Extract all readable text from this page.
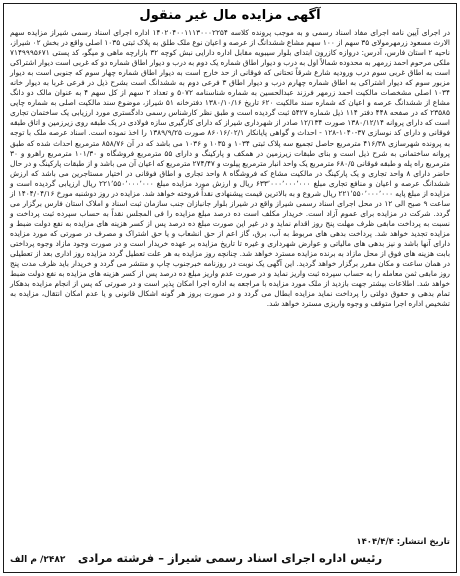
آگهی مزایده مال غیر منقول
در اجرای آیین نامه اجرای مفاد اسناد رسمی و به موجب پرونده کلاسه ۱۴۰۲۰۴۰۰۱۱۱۳۰۰۰۲۲۵۴ اداره اجرای اسناد رسمی شیراز مزایده سهم الارث مسعود زرمهرمولای ۳۵ سهم از ۱۰۰ سهم مشاع ششدانگ از عرصه و اعیان نوع ملک طلق به پلاک ثبتی ۱۰۳۵ اصلی واقع در بخش ۰۲ شیراز، ناحیه ۲ استان فارس، آدرس: دروازه کازرون ابتدای بلوار سیبویه مقابل اداره دارایی نبش کوچه ۳۲ بازارچه ماهی و میگو، کد پستی ۷۱۴۹۹۹۵۶۷۱ ملکی مرحوم احمد زرمهر به محدوده شمالاً اول به درب و دیوار اطاق شماره یک دوم به درب و دیوار اطاق شماره دو که غربی است دیوار اشتراکی است به اطاق غربی سوم درب ورودیه شارع شرقاً تحتانی که فوقانی از حد خارج است به دیوار اطاق شماره چهار سوم که جنوبی است به دیوار مزبور سوم که دیوار اشتراکی به اطاق شماره چهارم درب و دیوار اطاق ۳ فرعی دوم به ششدانگ است بشرح ذیل در فرعی غربا به دیوار خانه ۱۰۳۴ اصلی مشخصات مالکیت احمد زرمهر فرزند عبدالحسین به شماره شناسنامه ۵۰۷۲ و تعداد ۲ سهم از کل سهم ۴ به عنوان مالک دو دانگ مشاع از ششدانگ عرصه و اعیان که شماره سند مالکیت ۶۲۰ تاریخ ۱۳۸۰/۱۰/۱۶ دفترخانه ۵۱ شیراز، موضوع سند مالکیت اصلی به شماره چاپی ۲۳۵۸۵ که در صفحه ۴۴۸ دفتر ۱۱۴ ذیل شماره ۵۴۲۷ ثبت گردیده است و طبق نظر کارشناس رسمی دادگستری مورد ارزیابی یک ساختمان تجاری است که دارای پروانه ۱۳۸۰/۱۲/۱۴ صورت ۱۲/۱۳۴ صادر از شهرداری شیراز که دارای کارگیری سازه فولادی در یک طبقه روی زیرزمین و اتاق طبقه فوقانی و دارای کد نوسازی ۳۷-۱۰۴۰-۱۲۸ - احداث و گواهی پایانکار ۸۶۰۱۶/۰۲/۱ صورت ۱۳۸۹/۹/۲۵ را اخذ نموده است. اسناد عرصه ملک با توجه به پرونده شهرسازی ۴۱۶/۳۸ مترمربع حاصل تجمیع سه پلاک ثبتی ۱۰۳۴ و ۱۰۳۵ و ۱۰۳۶ می باشد که در آن ۸۵۸/۷۶ مترمربع احداث شده که طبق پروانه ساختمانی به شرح ذیل است و بنای طبقات زیرزمین در همکف و پارکینگ و دارای ۵۵ مترمربع فروشگاه و ۱۰۱/۳۰ مترمربع راهرو و ۳۰ مترمربع راه پله و طبقه فوقانی ۶۸۰/۵ مترمربع یک واحد انبار مترمربع پیلوت و ۲۷۴/۴۷ مترمربع که اعیان آن می باشد و از طبقات پارکینگ و در حال حاضر دارای ۸ واحد تجاری و یک پارکینگ در مالکیت مشاع که فروشگاه ۸ واحد تجاری و اطاق فوقانی در اختیار مستاجرین می باشد که ارزش ششدانگ عرصه و اعیان و منافع تجاری مبلغ ۶۳۳٬۰۰۰٬۰۰۰٬۰۰۰ ریال و ارزش مورد مزایده مبلغ ۲۲۱٬۵۵۰٬۰۰۰٬۰۰۰ ریال ارزیابی گردیده است و مزایده از مبلغ پایه ۲۲۱٬۵۵۰٬۰۰۰٬۰۰۰ ریال شروع و به بالاترین قیمت پیشنهادی نقداً فروخته خواهد شد. مزایده در روز دوشنبه مورخ ۱۴۰۴/۰۴/۱۶ از ساعت ۹ صبح الی ۱۲ در محل اجرای اسناد رسمی شیراز واقع در شیراز بلوار جانبازان جنب سازمان ثبت اسناد و املاک استان فارس برگزار می گردد. شرکت در مزایده برای عموم آزاد است. خریدار مکلف است ده درصد مبلغ مزایده را فی المجلس نقداً به حساب سپرده ثبت پرداخت و نسبت به پرداخت مابقی ظرف مهلت پنج روز اقدام نماید و در غیر این صورت مبلغ ده درصد پس از کسر هزینه های مزایده به نفع دولت ضبط و مزایده تجدید خواهد شد. پرداخت بدهی های مربوط به آب، برق، گاز اعم از حق انشعاب و یا حق اشتراک و مصرف در صورتی که مورد مزایده دارای آنها باشد و نیز بدهی های مالیاتی و عوارض شهرداری و غیره تا تاریخ مزایده بر عهده خریدار است و در صورت وجود مازاد وجوه پرداختی بابت هزینه های فوق از محل مازاد به برنده مزایده مسترد خواهد شد. چنانچه روز مزایده به هر علت تعطیل گردد مزایده روز اداری بعد از تعطیلی در همان ساعت و مکان مقرر برگزار خواهد گردید. این آگهی یک نوبت در روزنامه خبرجنوب چاپ و منتشر می گردد و خریدار باید ظرف مدت پنج روز مابقی ثمن معامله را به حساب سپرده ثبت واریز نماید و در صورت عدم واریز مبلغ ده درصد پس از کسر هزینه های مزایده به نفع دولت ضبط خواهد شد. اطلاعات بیشتر جهت بازدید از ملک مورد مزایده با مراجعه به اداره اجرا امکان پذیر است و در صورتی که پس از انجام مزایده بدهکار تمام بدهی و حقوق دولتی را پرداخت نماید مزایده ابطال می گردد و در صورت بروز هر گونه اشکال قانونی و یا عدم امکان انتقال، مزایده به تشخیص اداره اجرا متوقف و وجوه واریزی مسترد خواهد شد.
تاریخ انتشار: ۱۴۰۴/۴/۴
رئیس اداره اجرای اسناد رسمی شیراز – فرشته مرادی
۲۴۸۲/ م الف
